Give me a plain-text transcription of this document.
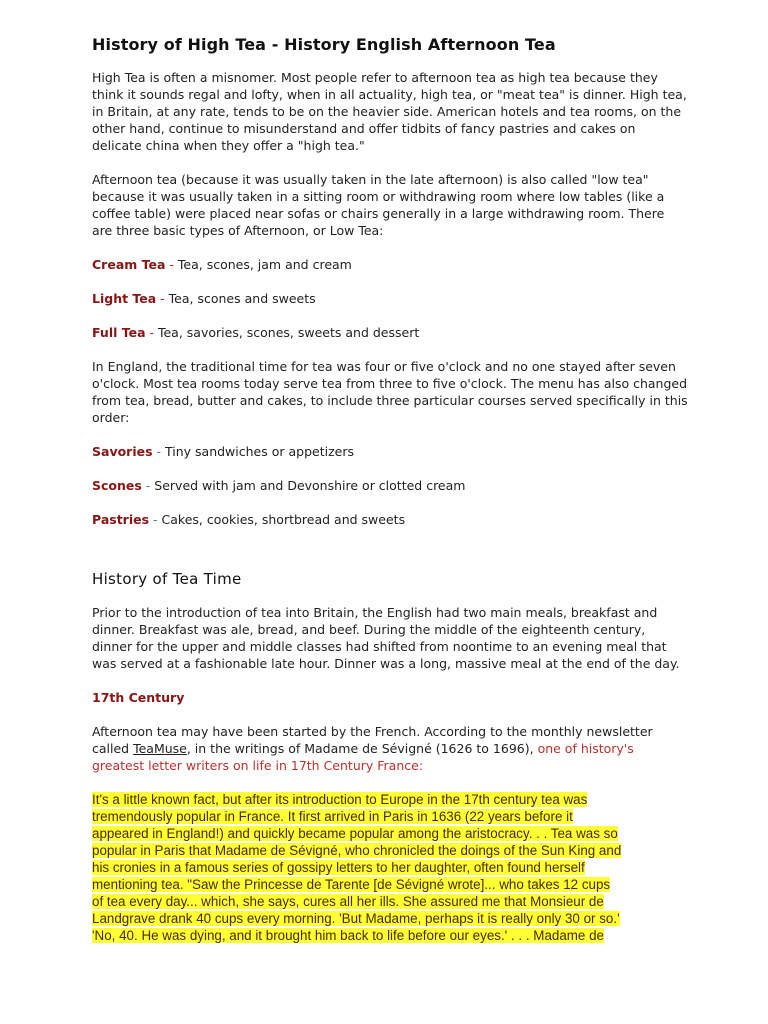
History of High Tea - History English Afternoon Tea

High Tea is often a misnomer. Most people refer to afternoon tea as high tea because they think it sounds regal and lofty, when in all actuality, high tea, or "meat tea" is dinner. High tea, in Britain, at any rate, tends to be on the heavier side. American hotels and tea rooms, on the other hand, continue to misunderstand and offer tidbits of fancy pastries and cakes on delicate china when they offer a "high tea."

Afternoon tea (because it was usually taken in the late afternoon) is also called "low tea" because it was usually taken in a sitting room or withdrawing room where low tables (like a coffee table) were placed near sofas or chairs generally in a large withdrawing room. There are three basic types of Afternoon, or Low Tea:

Cream Tea - Tea, scones, jam and cream
Light Tea - Tea, scones and sweets
Full Tea - Tea, savories, scones, sweets and dessert

In England, the traditional time for tea was four or five o'clock and no one stayed after seven o'clock. Most tea rooms today serve tea from three to five o'clock. The menu has also changed from tea, bread, butter and cakes, to include three particular courses served specifically in this order:

Savories - Tiny sandwiches or appetizers
Scones - Served with jam and Devonshire or clotted cream
Pastries - Cakes, cookies, shortbread and sweets
History of Tea Time

Prior to the introduction of tea into Britain, the English had two main meals, breakfast and dinner. Breakfast was ale, bread, and beef. During the middle of the eighteenth century, dinner for the upper and middle classes had shifted from noontime to an evening meal that was served at a fashionable late hour. Dinner was a long, massive meal at the end of the day.

17th Century

Afternoon tea may have been started by the French. According to the monthly newsletter called TeaMuse, in the writings of Madame de Sévigné (1626 to 1696), one of history's greatest letter writers on life in 17th Century France:

It's a little known fact, but after its introduction to Europe in the 17th century tea was
tremendously popular in France. It first arrived in Paris in 1636 (22 years before it
appeared in England!) and quickly became popular among the aristocracy. . . Tea was so
popular in Paris that Madame de Sévigné, who chronicled the doings of the Sun King and
his cronies in a famous series of gossipy letters to her daughter, often found herself
mentioning tea. "Saw the Princesse de Tarente [de Sévigné wrote]... who takes 12 cups
of tea every day... which, she says, cures all her ills. She assured me that Monsieur de
Landgrave drank 40 cups every morning. 'But Madame, perhaps it is really only 30 or so.'
'No, 40. He was dying, and it brought him back to life before our eyes.' . . . Madame de
